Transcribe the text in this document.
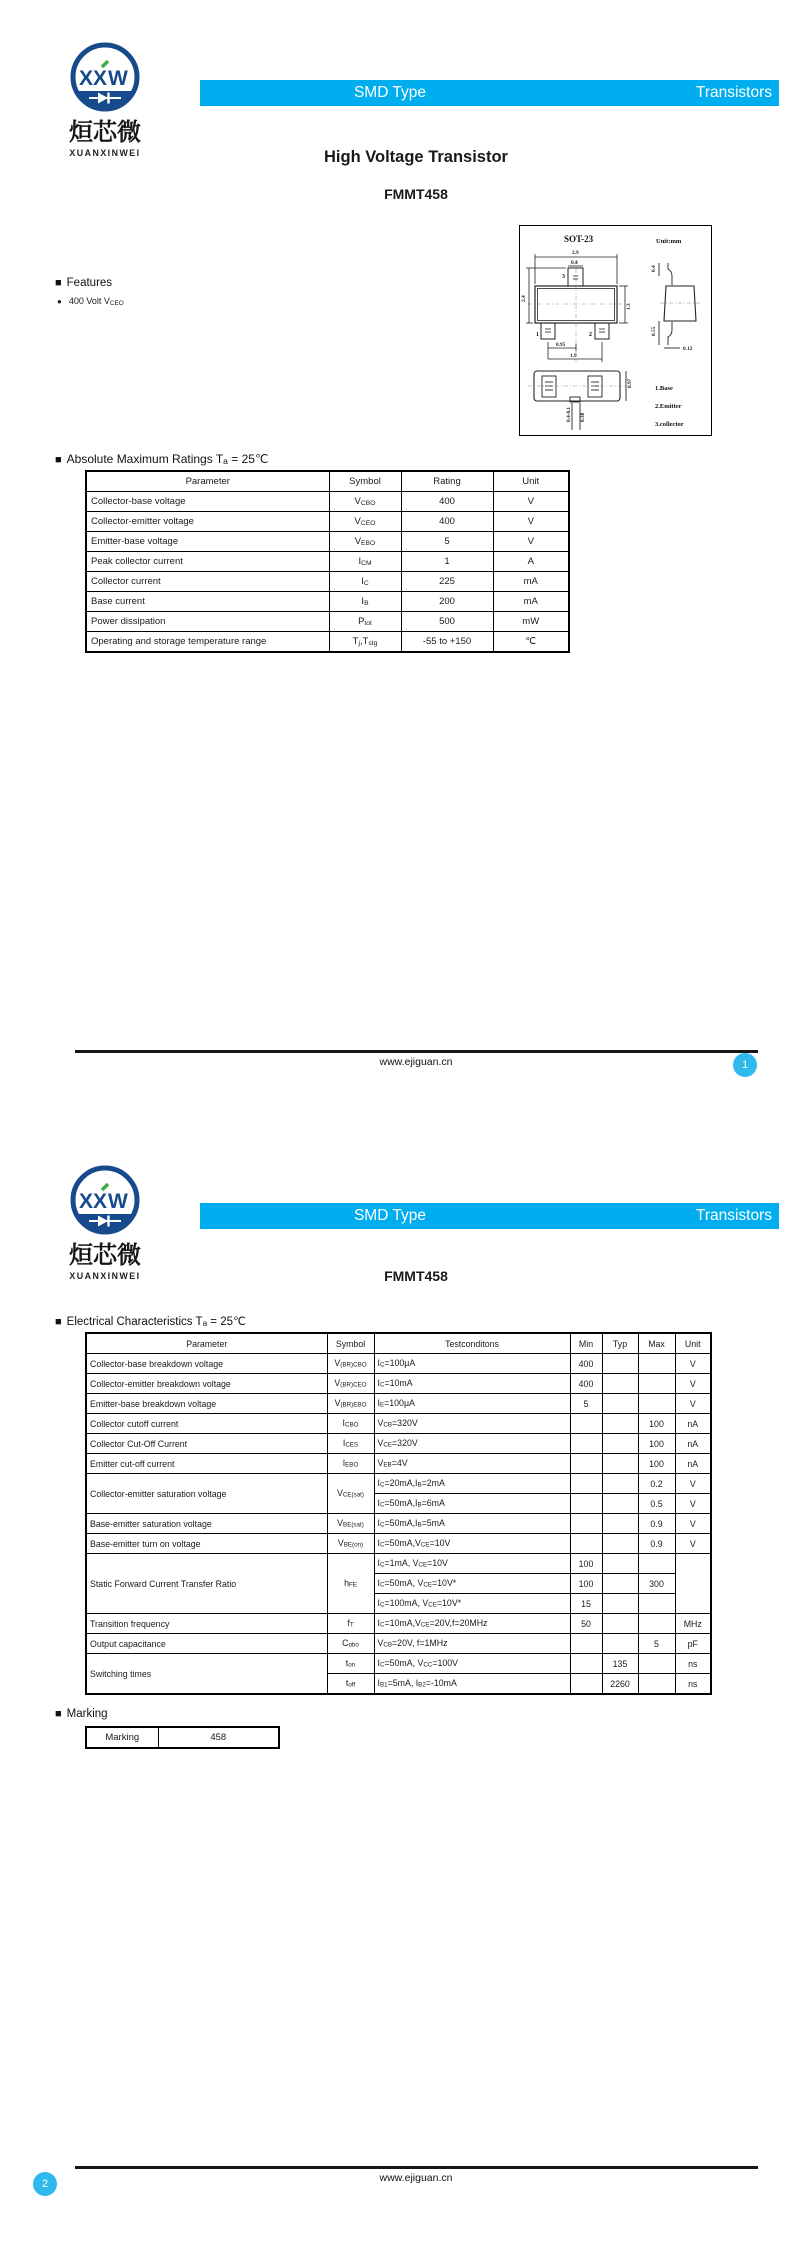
X X W
烜芯微
XUANXINWEI
SMD Type	Transistors
High Voltage Transistor
FMMT458
■ Features
● 400 Volt VCEO
SOT-23	Unit:mm
2.9
0.4
2.4
1.3
0.95
1.9
1	2
3
0.4
0.55
0.12
0.97
0.4-0.1 0.38
1.Base
2.Emitter
3.collector
■ Absolute Maximum Ratings Ta = 25℃
Parameter	Symbol	Rating	Unit
Collector-base voltage	VCBO	400	V
Collector-emitter voltage	VCEO	400	V
Emitter-base voltage	VEBO	5	V
Peak collector current	ICM	1	A
Collector current	IC	225	mA
Base current	IB	200	mA
Power dissipation	Ptot	500	mW
Operating and storage temperature range	Tj,Tstg	-55 to +150	℃
www.ejiguan.cn	1
X X W
烜芯微
XUANXINWEI
SMD Type	Transistors
FMMT458
■ Electrical Characteristics Ta = 25℃
Parameter	Symbol	Testconditons	Min	Typ	Max	Unit
Collector-base breakdown voltage	V(BR)CBO	IC=100μA	400			V
Collector-emitter breakdown voltage	V(BR)CEO	IC=10mA	400			V
Emitter-base breakdown voltage	V(BR)EBO	IE=100μA	5			V
Collector cutoff current	ICBO	VCB=320V			100	nA
Collector Cut-Off Current	ICES	VCE=320V			100	nA
Emitter cut-off current	IEBO	VEB=4V			100	nA
Collector-emitter saturation voltage	VCE(sat)	IC=20mA,IB=2mA			0.2	V
		IC=50mA,IB=6mA			0.5	V
Base-emitter saturation voltage	VBE(sat)	IC=50mA,IB=5mA			0.9	V
Base-emitter turn on voltage	VBE(on)	IC=50mA,VCE=10V			0.9	V
Static Forward Current Transfer Ratio	hFE	IC=1mA, VCE=10V	100			
		IC=50mA, VCE=10V*	100		300	
		IC=100mA, VCE=10V*	15			
Transition frequency	fT	IC=10mA,VCE=20V,f=20MHz	50			MHz
Output capacitance	Cobo	VCB=20V, f=1MHz			5	pF
Switching times	ton	IC=50mA, VCC=100V		135		ns
	toff	IB1=5mA, IB2=-10mA		2260		ns
■ Marking
Marking	458
www.ejiguan.cn
2
